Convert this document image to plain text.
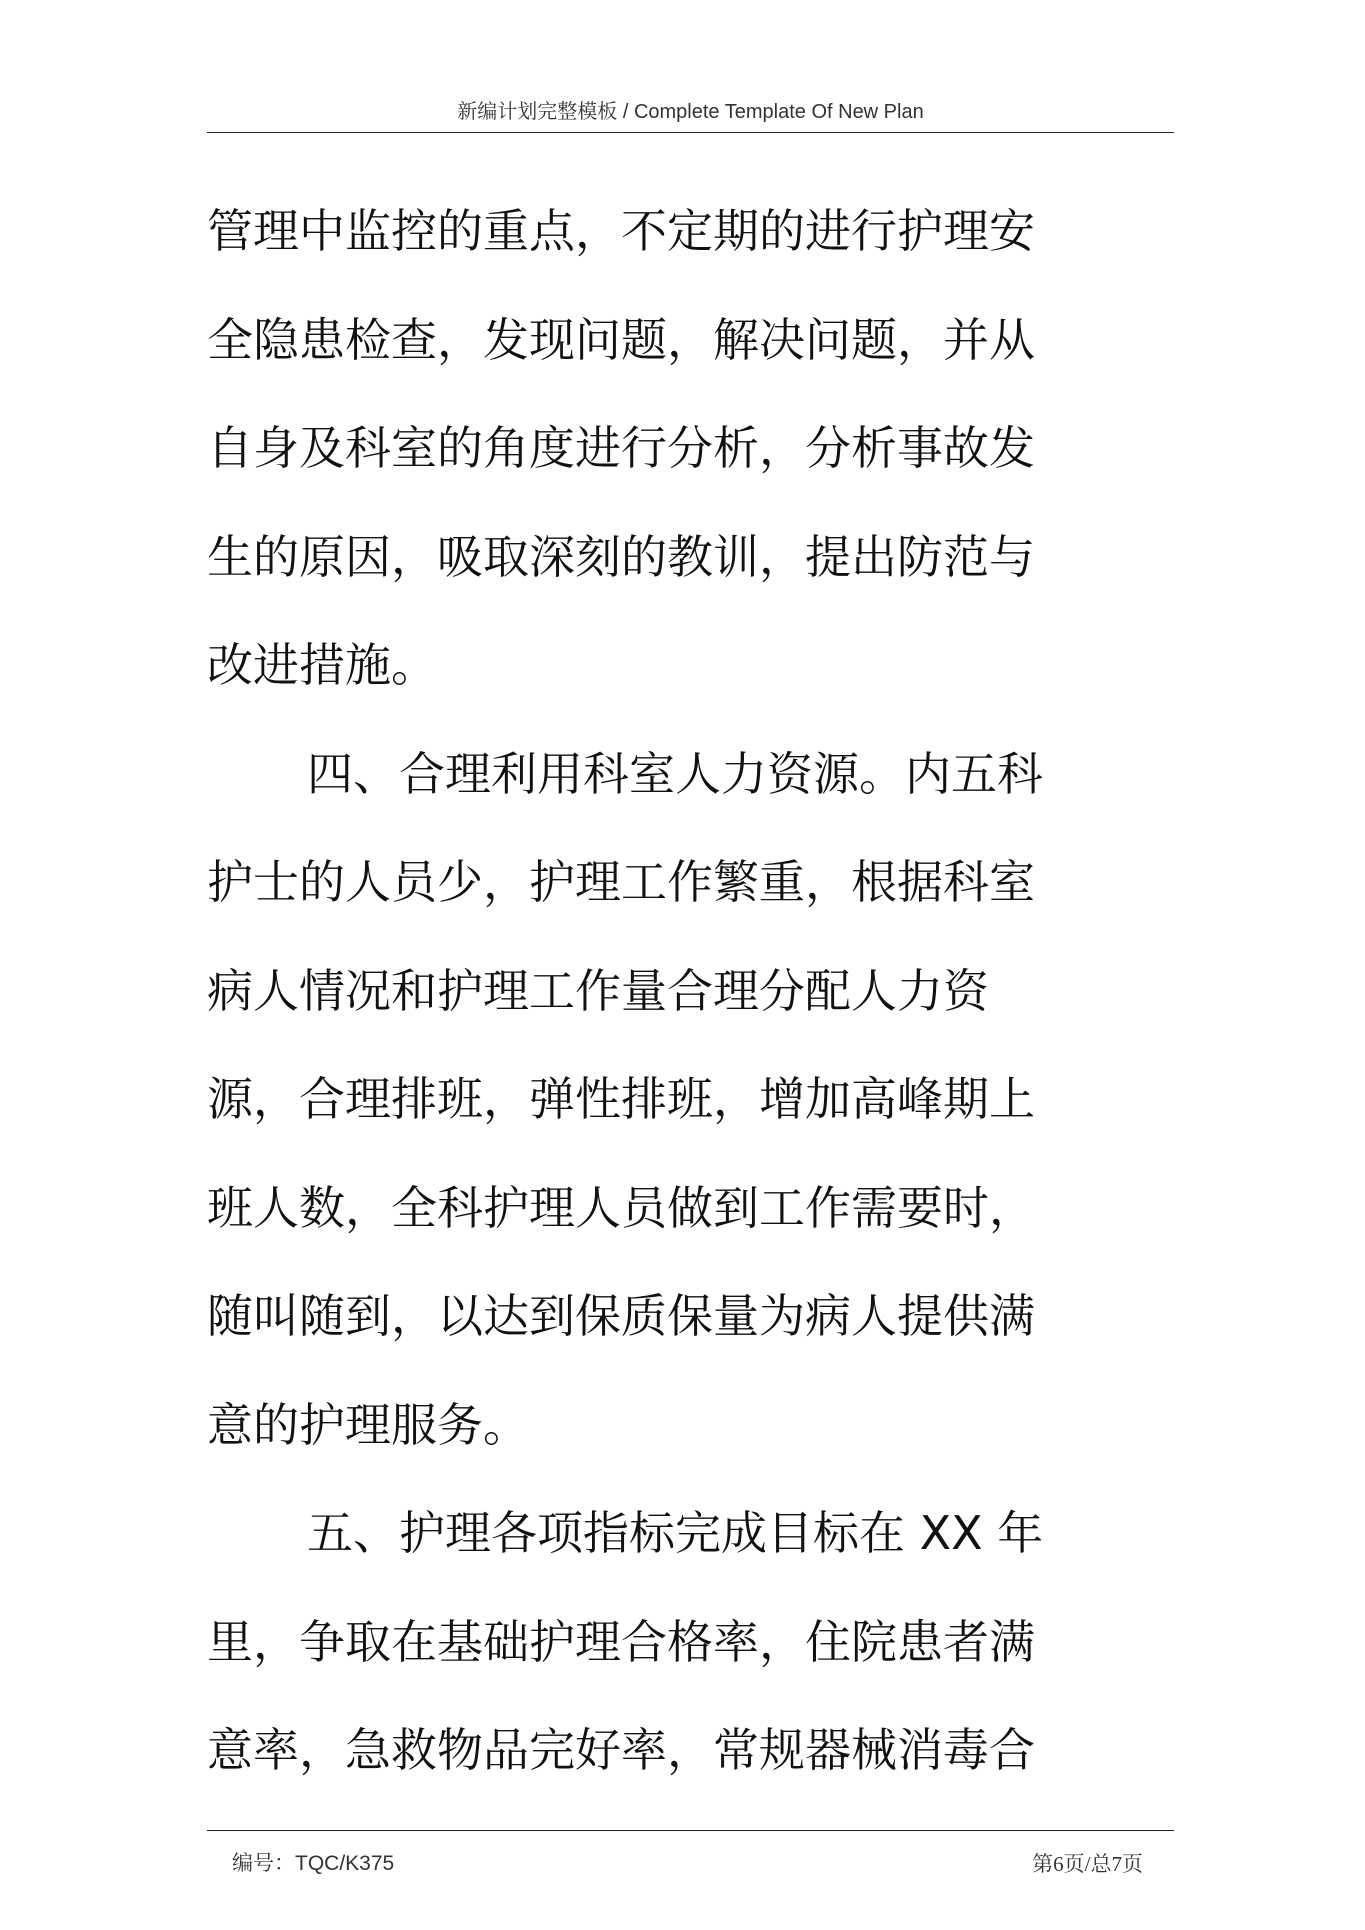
新编计划完整模板 / Complete Template Of New Plan

管理中监控的重点，不定期的进行护理安

全隐患检查，发现问题，解决问题，并从

自身及科室的角度进行分析，分析事故发

生的原因，吸取深刻的教训，提出防范与

改进措施。

四、合理利用科室人力资源。内五科

护士的人员少，护理工作繁重，根据科室

病人情况和护理工作量合理分配人力资

源，合理排班，弹性排班，增加高峰期上

班人数，全科护理人员做到工作需要时，

随叫随到，以达到保质保量为病人提供满

意的护理服务。

五、护理各项指标完成目标在 XX 年

里，争取在基础护理合格率，住院患者满

意率，急救物品完好率，常规器械消毒合

编号：TQC/K375	第6页/总7页
